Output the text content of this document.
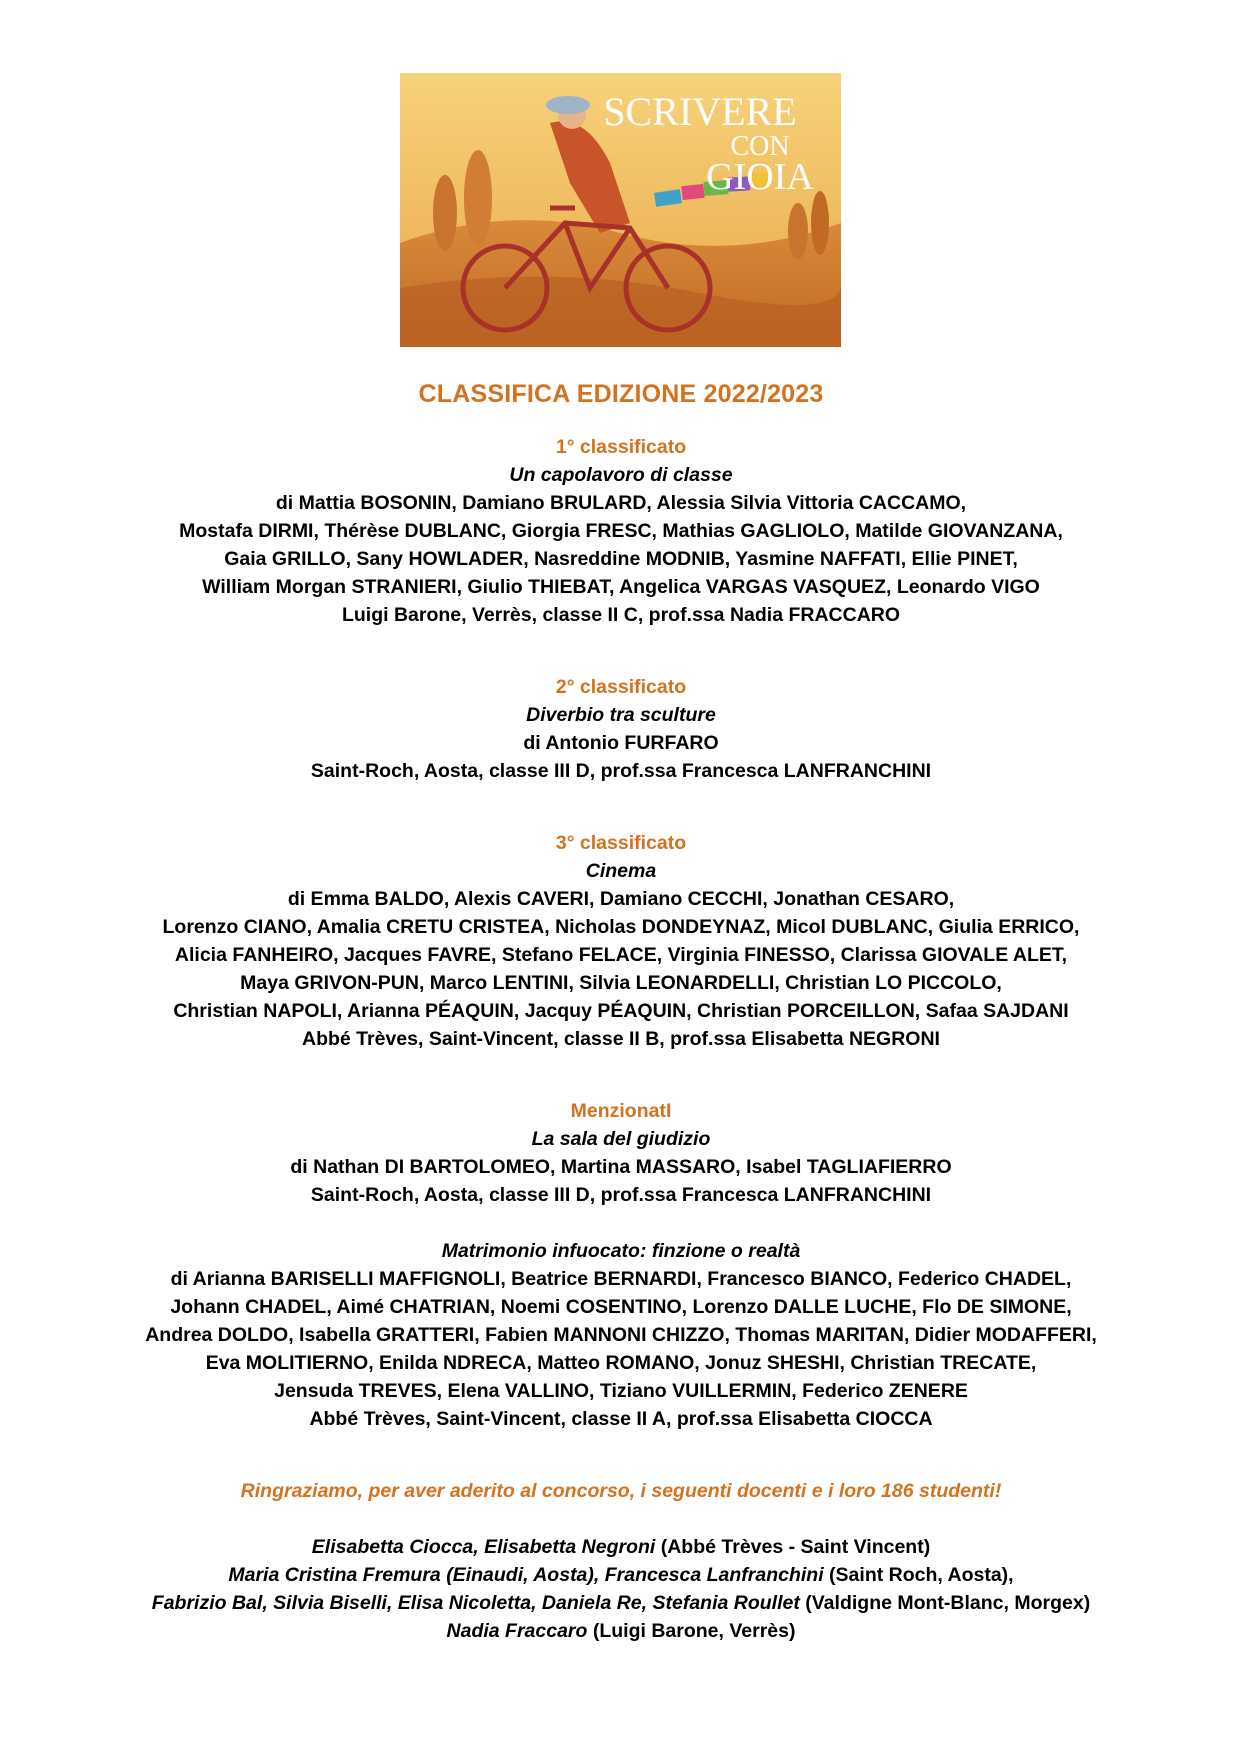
SCRIVERE
CON
GIOIA
CLASSIFICA EDIZIONE 2022/2023
1° classificato
Un capolavoro di classe
di Mattia BOSONIN, Damiano BRULARD, Alessia Silvia Vittoria CACCAMO,
Mostafa DIRMI, Thérèse DUBLANC, Giorgia FRESC, Mathias GAGLIOLO, Matilde GIOVANZANA,
Gaia GRILLO, Sany HOWLADER, Nasreddine MODNIB, Yasmine NAFFATI, Ellie PINET,
William Morgan STRANIERI, Giulio THIEBAT, Angelica VARGAS VASQUEZ, Leonardo VIGO
Luigi Barone, Verrès, classe II C, prof.ssa Nadia FRACCARO
2° classificato
Diverbio tra sculture
di Antonio FURFARO
Saint-Roch, Aosta, classe III D, prof.ssa Francesca LANFRANCHINI
3° classificato
Cinema
di Emma BALDO, Alexis CAVERI, Damiano CECCHI, Jonathan CESARO,
Lorenzo CIANO, Amalia CRETU CRISTEA, Nicholas DONDEYNAZ, Micol DUBLANC, Giulia ERRICO,
Alicia FANHEIRO, Jacques FAVRE, Stefano FELACE, Virginia FINESSO, Clarissa GIOVALE ALET,
Maya GRIVON-PUN, Marco LENTINI, Silvia LEONARDELLI, Christian LO PICCOLO,
Christian NAPOLI, Arianna PÉAQUIN, Jacquy PÉAQUIN, Christian PORCEILLON, Safaa SAJDANI
Abbé Trèves, Saint-Vincent, classe II B, prof.ssa Elisabetta NEGRONI
MenzionatI
La sala del giudizio
di Nathan DI BARTOLOMEO, Martina MASSARO, Isabel TAGLIAFIERRO
Saint-Roch, Aosta, classe III D, prof.ssa Francesca LANFRANCHINI
Matrimonio infuocato: finzione o realtà
di Arianna BARISELLI MAFFIGNOLI, Beatrice BERNARDI, Francesco BIANCO, Federico CHADEL,
Johann CHADEL, Aimé CHATRIAN, Noemi COSENTINO, Lorenzo DALLE LUCHE, Flo DE SIMONE,
Andrea DOLDO, Isabella GRATTERI, Fabien MANNONI CHIZZO, Thomas MARITAN, Didier MODAFFERI,
Eva MOLITIERNO, Enilda NDRECA, Matteo ROMANO, Jonuz SHESHI, Christian TRECATE,
Jensuda TREVES, Elena VALLINO, Tiziano VUILLERMIN, Federico ZENERE
Abbé Trèves, Saint-Vincent, classe II A, prof.ssa Elisabetta CIOCCA
Ringraziamo, per aver aderito al concorso, i seguenti docenti e i loro 186 studenti!
Elisabetta Ciocca, Elisabetta Negroni (Abbé Trèves - Saint Vincent)
Maria Cristina Fremura (Einaudi, Aosta), Francesca Lanfranchini (Saint Roch, Aosta),
Fabrizio Bal, Silvia Biselli, Elisa Nicoletta, Daniela Re, Stefania Roullet (Valdigne Mont-Blanc, Morgex)
Nadia Fraccaro (Luigi Barone, Verrès)
